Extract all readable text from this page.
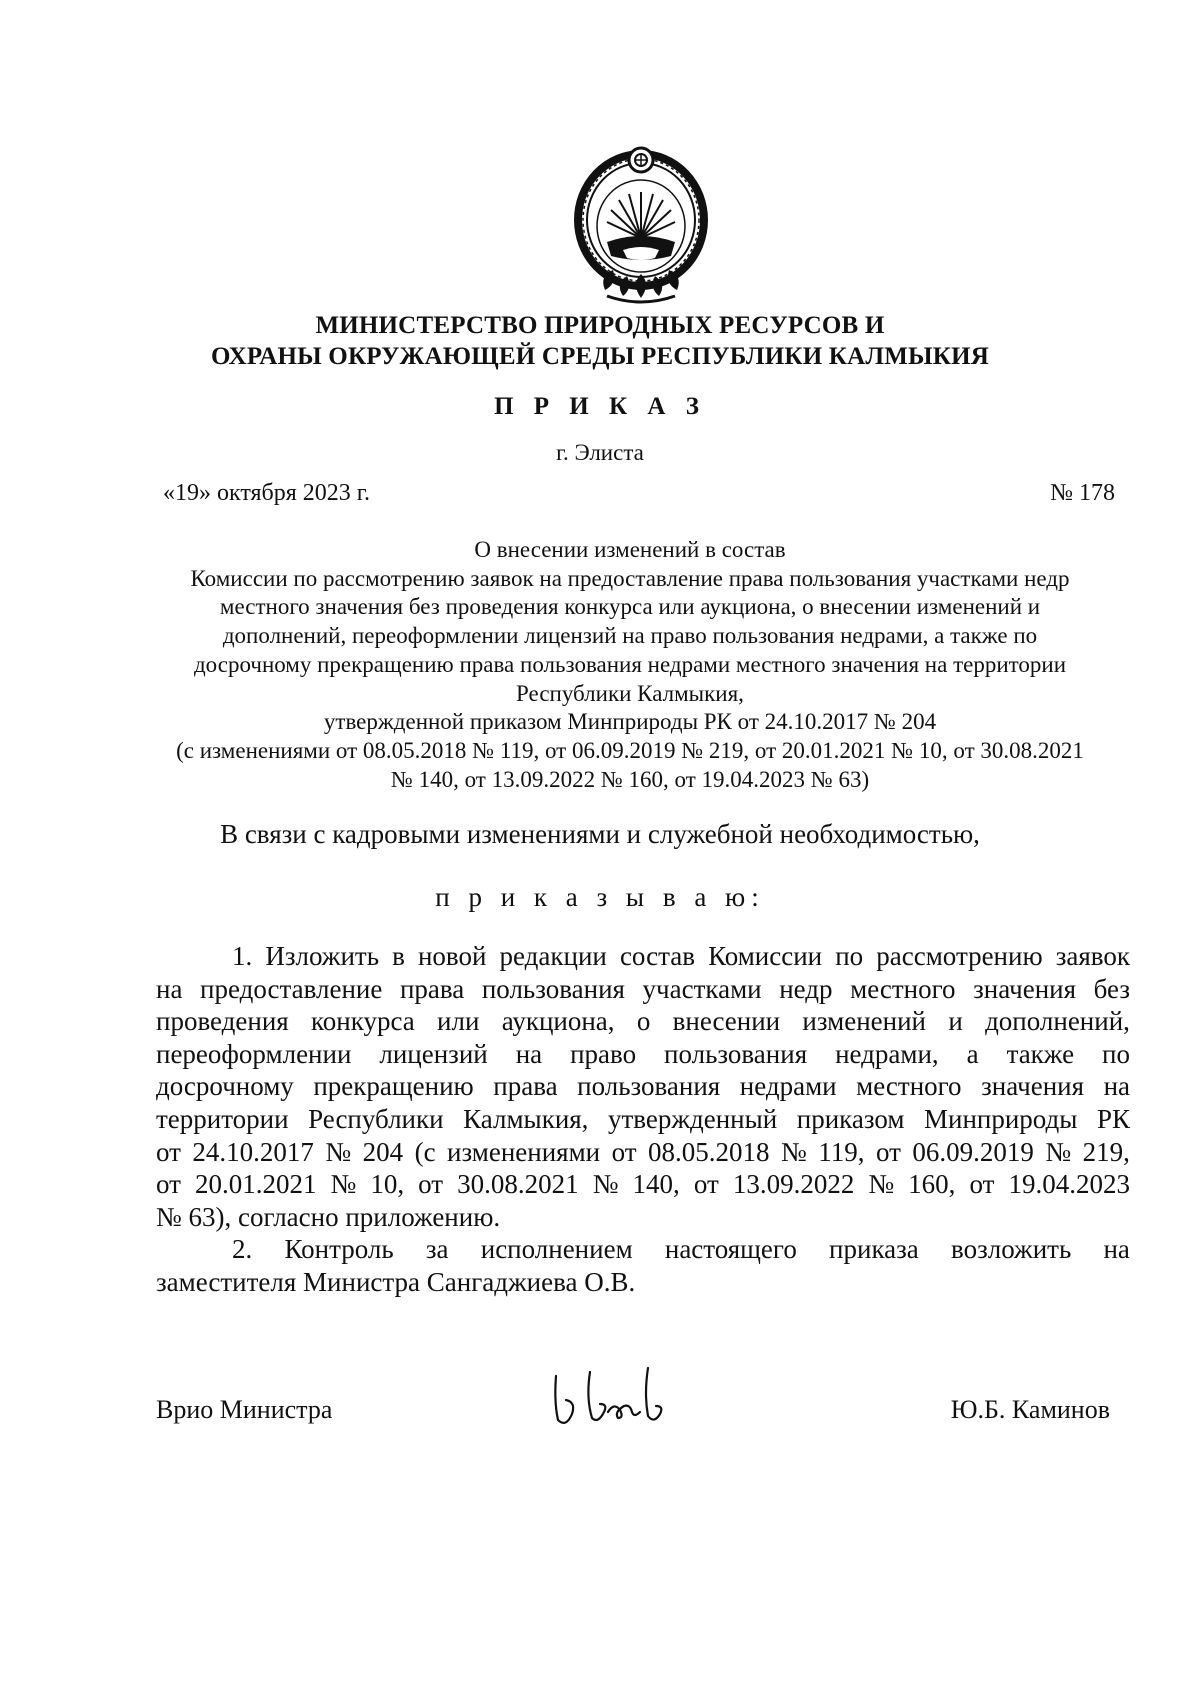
МИНИСТЕРСТВО ПРИРОДНЫХ РЕСУРСОВ И
ОХРАНЫ ОКРУЖАЮЩЕЙ СРЕДЫ РЕСПУБЛИКИ КАЛМЫКИЯ
П Р И К А З
г. Элиста
«19» октября 2023 г.	№ 178
О внесении изменений в состав
Комиссии по рассмотрению заявок на предоставление права пользования участками недр
местного значения без проведения конкурса или аукциона, о внесении изменений и
дополнений, переоформлении лицензий на право пользования недрами, а также по
досрочному прекращению права пользования недрами местного значения на территории
Республики Калмыкия,
утвержденной приказом Минприроды РК от 24.10.2017 № 204
(с изменениями от 08.05.2018 № 119, от 06.09.2019 № 219, от 20.01.2021 № 10, от 30.08.2021
№ 140, от 13.09.2022 № 160, от 19.04.2023 № 63)
В связи с кадровыми изменениями и служебной необходимостью,
п р и к а з ы в а ю:
1. Изложить в новой редакции состав Комиссии по рассмотрению заявок
на предоставление права пользования участками недр местного значения без
проведения конкурса или аукциона, о внесении изменений и дополнений,
переоформлении лицензий на право пользования недрами, а также по
досрочному прекращению права пользования недрами местного значения на
территории Республики Калмыкия, утвержденный приказом Минприроды РК
от 24.10.2017 № 204 (с изменениями от 08.05.2018 № 119, от 06.09.2019 № 219,
от 20.01.2021 № 10, от 30.08.2021 № 140, от 13.09.2022 № 160, от 19.04.2023
№ 63), согласно приложению.
2. Контроль за исполнением настоящего приказа возложить на
заместителя Министра Сангаджиева О.В.
Врио Министра	Ю.Б. Каминов
